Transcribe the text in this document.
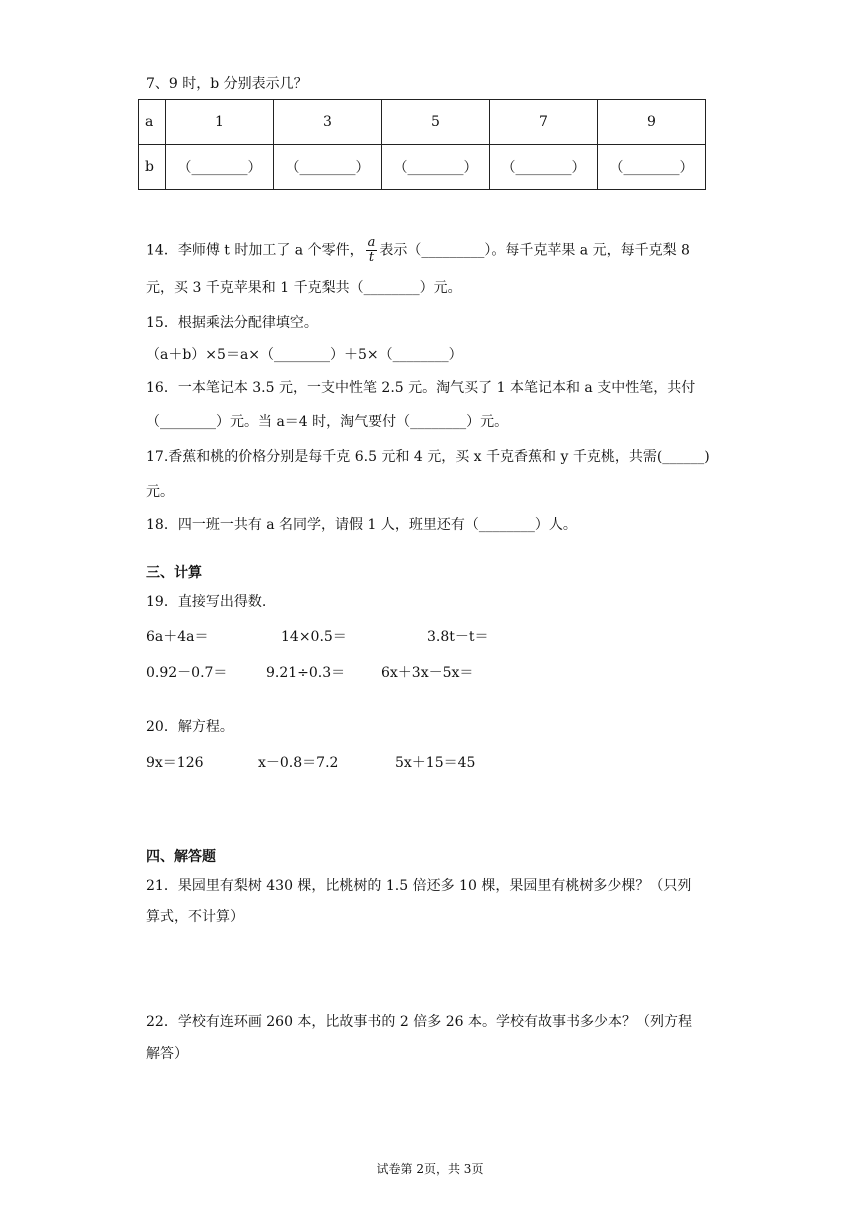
7、9 时，b 分别表示几？
a	1	3	5	7	9
b	（________）	（________）	（________）	（________）	（________）
14．李师傅 t 时加工了 a 个零件， $\frac{a}{t}$ 表示（_________）。每千克苹果 a 元，每千克梨 8
元，买 3 千克苹果和 1 千克梨共（________）元。
15．根据乘法分配律填空。
（a＋b）×5＝a×（________）＋5×（________）
16．一本笔记本 3.5 元，一支中性笔 2.5 元。淘气买了 1 本笔记本和 a 支中性笔，共付
（________）元。当 a＝4 时，淘气要付（________）元。
17.香蕉和桃的价格分别是每千克 6.5 元和 4 元，买 x 千克香蕉和 y 千克桃，共需(______)
元。
18．四一班一共有 a 名同学，请假 1 人，班里还有（________）人。
三、计算
19．直接写出得数.
6a＋4a＝	14×0.5＝	3.8t－t＝
0.92－0.7＝	9.21÷0.3＝	6x＋3x－5x＝
20．解方程。
9x＝126	x－0.8＝7.2	5x＋15＝45
四、解答题
21．果园里有梨树 430 棵，比桃树的 1.5 倍还多 10 棵，果园里有桃树多少棵？（只列
算式，不计算）
22．学校有连环画 260 本，比故事书的 2 倍多 26 本。学校有故事书多少本？（列方程
解答）
试卷第 2页，共 3页
